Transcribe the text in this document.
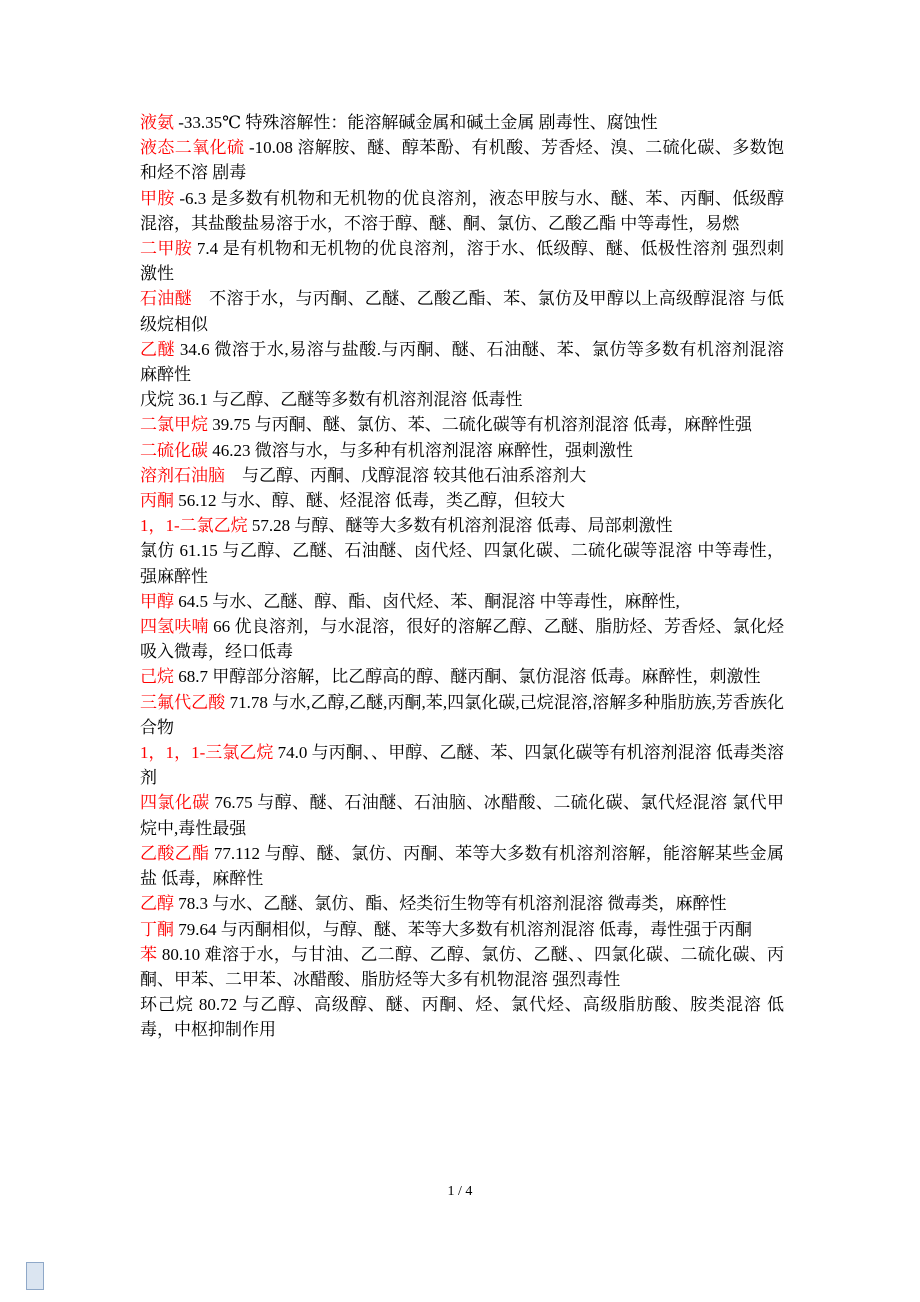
液氨 -33.35℃ 特殊溶解性：能溶解碱金属和碱土金属 剧毒性、腐蚀性

液态二氧化硫 -10.08 溶解胺、醚、醇苯酚、有机酸、芳香烃、溴、二硫化碳、多数饱和烃不溶 剧毒

甲胺 -6.3 是多数有机物和无机物的优良溶剂，液态甲胺与水、醚、苯、丙酮、低级醇混溶，其盐酸盐易溶于水，不溶于醇、醚、酮、氯仿、乙酸乙酯 中等毒性，易燃

二甲胺 7.4 是有机物和无机物的优良溶剂，溶于水、低级醇、醚、低极性溶剂 强烈刺激性

石油醚　不溶于水，与丙酮、乙醚、乙酸乙酯、苯、氯仿及甲醇以上高级醇混溶 与低级烷相似

乙醚 34.6 微溶于水,易溶与盐酸.与丙酮、醚、石油醚、苯、氯仿等多数有机溶剂混溶 麻醉性

戊烷 36.1 与乙醇、乙醚等多数有机溶剂混溶 低毒性

二氯甲烷 39.75 与丙酮、醚、氯仿、苯、二硫化碳等有机溶剂混溶 低毒，麻醉性强

二硫化碳 46.23 微溶与水，与多种有机溶剂混溶 麻醉性，强刺激性

溶剂石油脑　与乙醇、丙酮、戊醇混溶 较其他石油系溶剂大

丙酮 56.12 与水、醇、醚、烃混溶 低毒，类乙醇，但较大

1，1-二氯乙烷 57.28 与醇、醚等大多数有机溶剂混溶 低毒、局部刺激性

氯仿 61.15 与乙醇、乙醚、石油醚、卤代烃、四氯化碳、二硫化碳等混溶 中等毒性，强麻醉性

甲醇 64.5 与水、乙醚、醇、酯、卤代烃、苯、酮混溶 中等毒性，麻醉性,

四氢呋喃 66 优良溶剂，与水混溶，很好的溶解乙醇、乙醚、脂肪烃、芳香烃、氯化烃 吸入微毒，经口低毒

己烷 68.7 甲醇部分溶解，比乙醇高的醇、醚丙酮、氯仿混溶 低毒。麻醉性，刺激性

三氟代乙酸 71.78 与水,乙醇,乙醚,丙酮,苯,四氯化碳,己烷混溶,溶解多种脂肪族,芳香族化合物

1，1，1-三氯乙烷 74.0 与丙酮、、甲醇、乙醚、苯、四氯化碳等有机溶剂混溶 低毒类溶剂

四氯化碳 76.75 与醇、醚、石油醚、石油脑、冰醋酸、二硫化碳、氯代烃混溶 氯代甲烷中,毒性最强

乙酸乙酯 77.112 与醇、醚、氯仿、丙酮、苯等大多数有机溶剂溶解，能溶解某些金属盐 低毒，麻醉性

乙醇 78.3 与水、乙醚、氯仿、酯、烃类衍生物等有机溶剂混溶 微毒类，麻醉性

丁酮 79.64 与丙酮相似，与醇、醚、苯等大多数有机溶剂混溶 低毒，毒性强于丙酮

苯 80.10 难溶于水，与甘油、乙二醇、乙醇、氯仿、乙醚、、四氯化碳、二硫化碳、丙酮、甲苯、二甲苯、冰醋酸、脂肪烃等大多有机物混溶 强烈毒性

环己烷 80.72 与乙醇、高级醇、醚、丙酮、烃、氯代烃、高级脂肪酸、胺类混溶 低毒，中枢抑制作用

1 / 4
